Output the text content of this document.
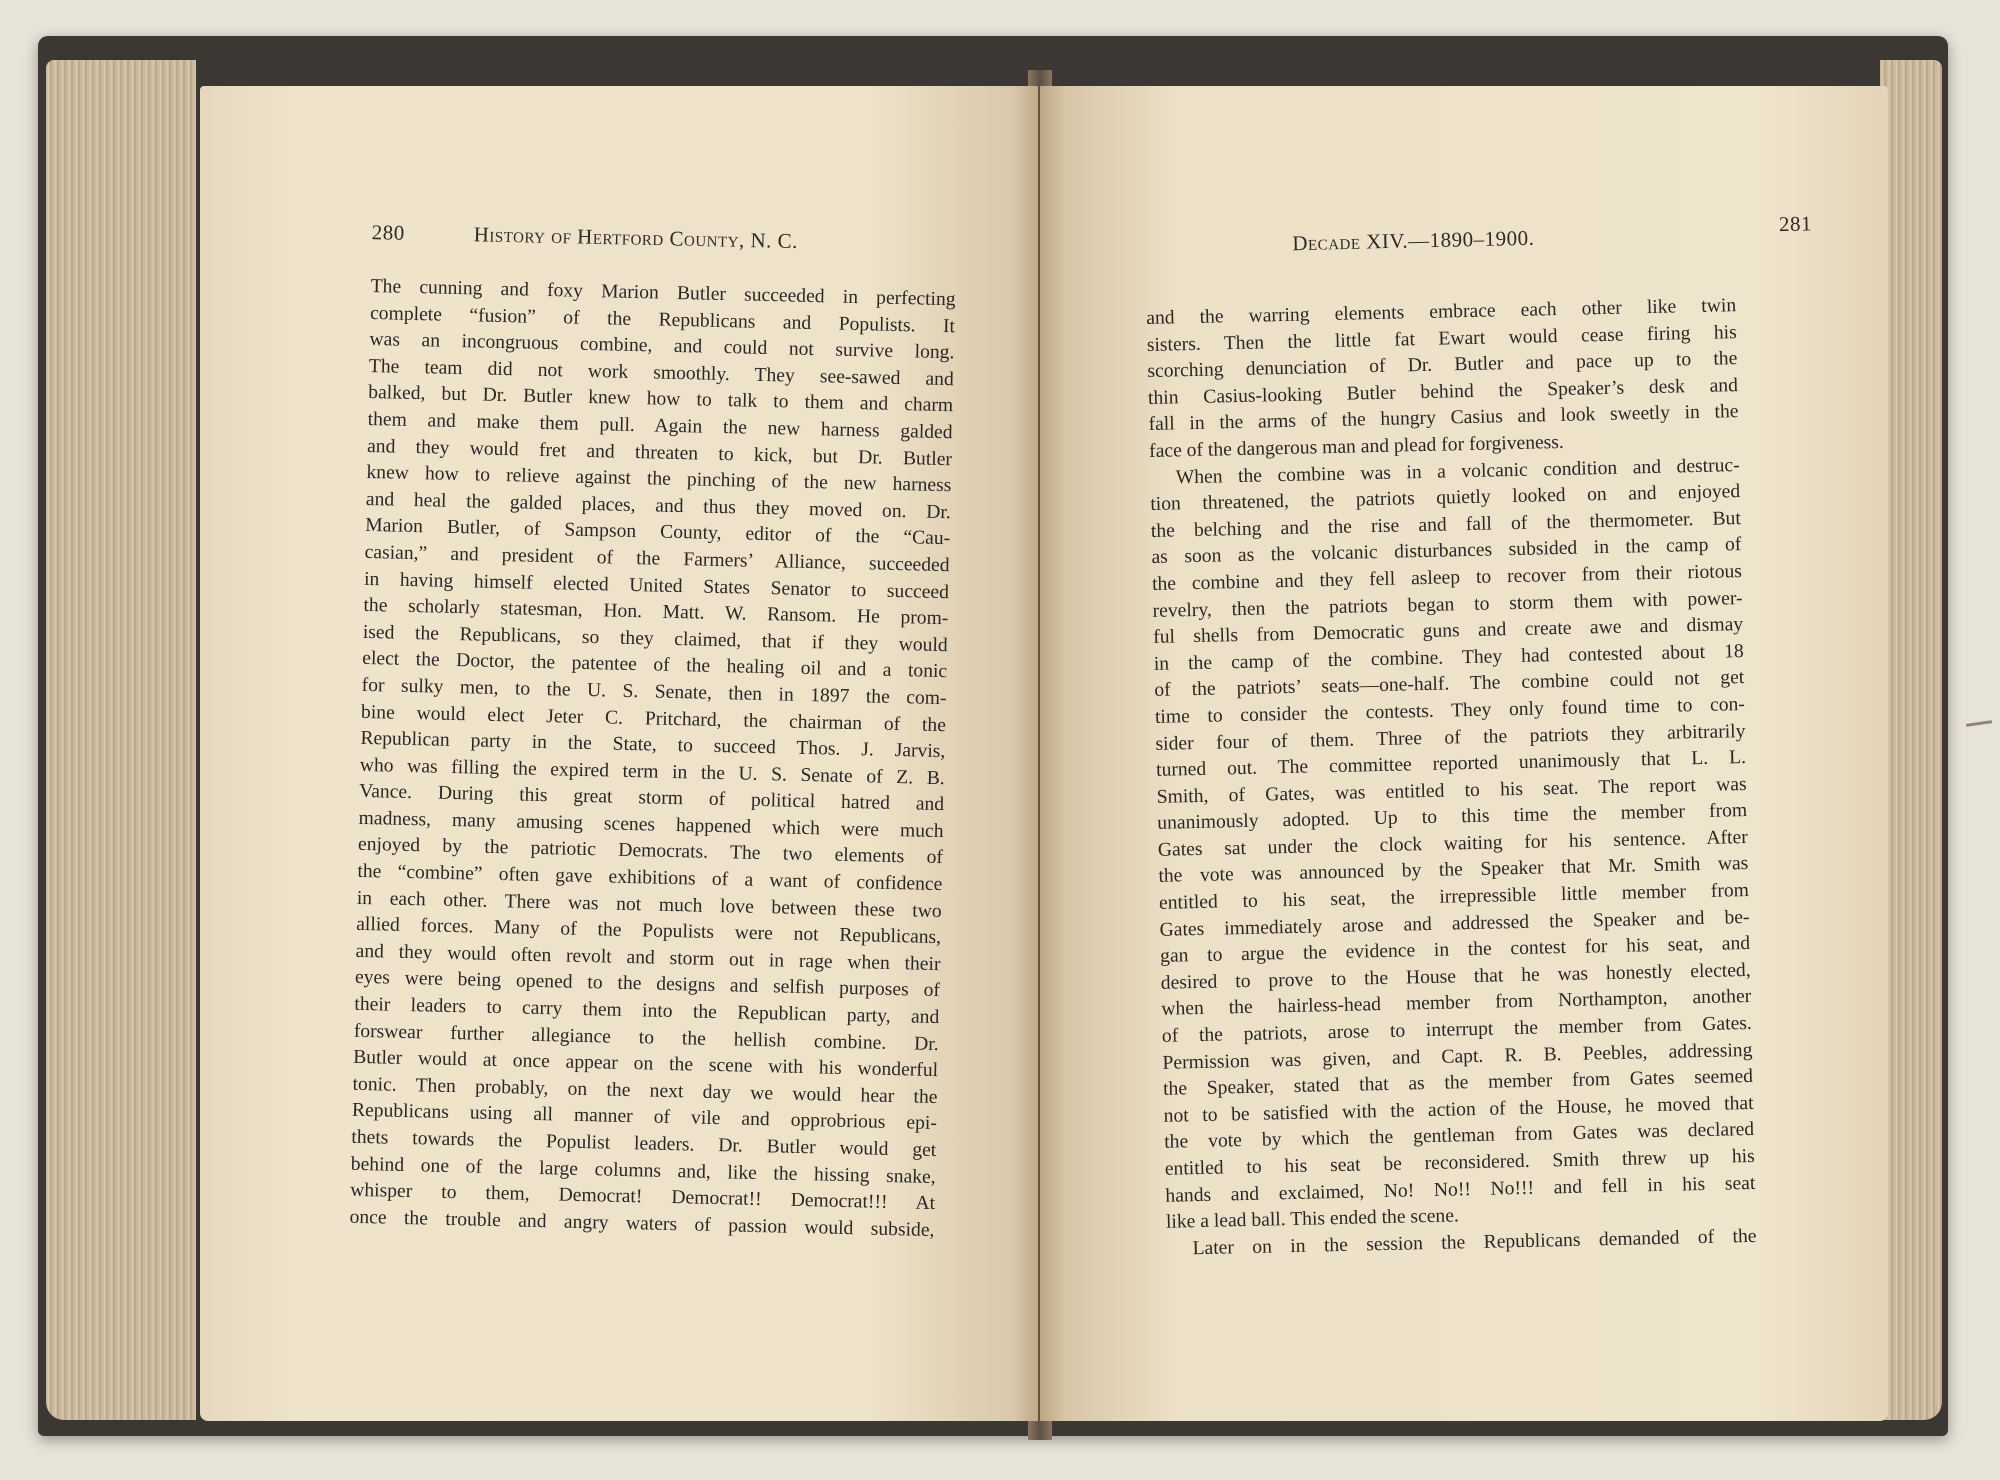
280	History of Hertford County, N. C.
The cunning and foxy Marion Butler succeeded in perfecting
complete “fusion” of the Republicans and Populists. It
was an incongruous combine, and could not survive long.
The team did not work smoothly. They see-sawed and
balked, but Dr. Butler knew how to talk to them and charm
them and make them pull. Again the new harness galded
and they would fret and threaten to kick, but Dr. Butler
knew how to relieve against the pinching of the new harness
and heal the galded places, and thus they moved on. Dr.
Marion Butler, of Sampson County, editor of the “Cau-
casian,” and president of the Farmers’ Alliance, succeeded
in having himself elected United States Senator to succeed
the scholarly statesman, Hon. Matt. W. Ransom. He prom-
ised the Republicans, so they claimed, that if they would
elect the Doctor, the patentee of the healing oil and a tonic
for sulky men, to the U. S. Senate, then in 1897 the com-
bine would elect Jeter C. Pritchard, the chairman of the
Republican party in the State, to succeed Thos. J. Jarvis,
who was filling the expired term in the U. S. Senate of Z. B.
Vance. During this great storm of political hatred and
madness, many amusing scenes happened which were much
enjoyed by the patriotic Democrats. The two elements of
the “combine” often gave exhibitions of a want of confidence
in each other. There was not much love between these two
allied forces. Many of the Populists were not Republicans,
and they would often revolt and storm out in rage when their
eyes were being opened to the designs and selfish purposes of
their leaders to carry them into the Republican party, and
forswear further allegiance to the hellish combine. Dr.
Butler would at once appear on the scene with his wonderful
tonic. Then probably, on the next day we would hear the
Republicans using all manner of vile and opprobrious epi-
thets towards the Populist leaders. Dr. Butler would get
behind one of the large columns and, like the hissing snake,
whisper to them, Democrat! Democrat!! Democrat!!! At
once the trouble and angry waters of passion would subside,
Decade XIV.—1890–1900.
281
and the warring elements embrace each other like twin
sisters. Then the little fat Ewart would cease firing his
scorching denunciation of Dr. Butler and pace up to the
thin Casius-looking Butler behind the Speaker’s desk and
fall in the arms of the hungry Casius and look sweetly in the
face of the dangerous man and plead for forgiveness.
When the combine was in a volcanic condition and destruc-
tion threatened, the patriots quietly looked on and enjoyed
the belching and the rise and fall of the thermometer. But
as soon as the volcanic disturbances subsided in the camp of
the combine and they fell asleep to recover from their riotous
revelry, then the patriots began to storm them with power-
ful shells from Democratic guns and create awe and dismay
in the camp of the combine. They had contested about 18
of the patriots’ seats—one-half. The combine could not get
time to consider the contests. They only found time to con-
sider four of them. Three of the patriots they arbitrarily
turned out. The committee reported unanimously that L. L.
Smith, of Gates, was entitled to his seat. The report was
unanimously adopted. Up to this time the member from
Gates sat under the clock waiting for his sentence. After
the vote was announced by the Speaker that Mr. Smith was
entitled to his seat, the irrepressible little member from
Gates immediately arose and addressed the Speaker and be-
gan to argue the evidence in the contest for his seat, and
desired to prove to the House that he was honestly elected,
when the hairless-head member from Northampton, another
of the patriots, arose to interrupt the member from Gates.
Permission was given, and Capt. R. B. Peebles, addressing
the Speaker, stated that as the member from Gates seemed
not to be satisfied with the action of the House, he moved that
the vote by which the gentleman from Gates was declared
entitled to his seat be reconsidered. Smith threw up his
hands and exclaimed, No! No!! No!!! and fell in his seat
like a lead ball. This ended the scene.
Later on in the session the Republicans demanded of the
